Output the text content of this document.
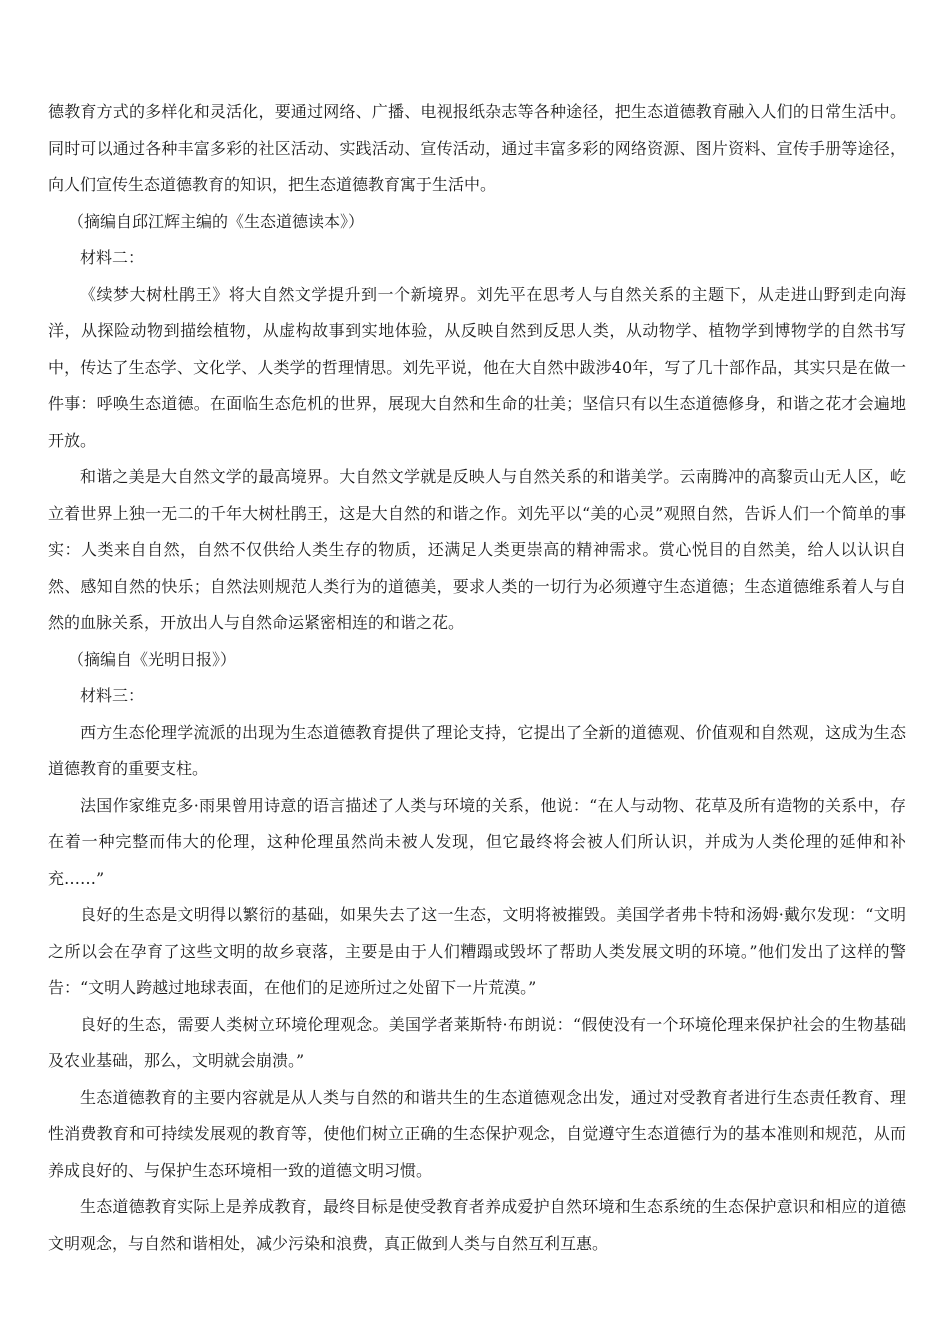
德教育方式的多样化和灵活化，要通过网络、广播、电视报纸杂志等各种途径，把生态道德教育融入人们的日常生活中。同时可以通过各种丰富多彩的社区活动、实践活动、宣传活动，通过丰富多彩的网络资源、图片资料、宣传手册等途径，向人们宣传生态道德教育的知识，把生态道德教育寓于生活中。

（摘编自邱江辉主编的《生态道德读本》）

材料二：

《续梦大树杜鹃王》将大自然文学提升到一个新境界。刘先平在思考人与自然关系的主题下，从走进山野到走向海洋，从探险动物到描绘植物，从虚构故事到实地体验，从反映自然到反思人类，从动物学、植物学到博物学的自然书写中，传达了生态学、文化学、人类学的哲理情思。刘先平说，他在大自然中跋涉40年，写了几十部作品，其实只是在做一件事：呼唤生态道德。在面临生态危机的世界，展现大自然和生命的壮美；坚信只有以生态道德修身，和谐之花才会遍地开放。

和谐之美是大自然文学的最高境界。大自然文学就是反映人与自然关系的和谐美学。云南腾冲的高黎贡山无人区，屹立着世界上独一无二的千年大树杜鹃王，这是大自然的和谐之作。刘先平以“美的心灵”观照自然，告诉人们一个简单的事实：人类来自自然，自然不仅供给人类生存的物质，还满足人类更崇高的精神需求。赏心悦目的自然美，给人以认识自然、感知自然的快乐；自然法则规范人类行为的道德美，要求人类的一切行为必须遵守生态道德；生态道德维系着人与自然的血脉关系，开放出人与自然命运紧密相连的和谐之花。

（摘编自《光明日报》）

材料三：

西方生态伦理学流派的出现为生态道德教育提供了理论支持，它提出了全新的道德观、价值观和自然观，这成为生态道德教育的重要支柱。

法国作家维克多·雨果曾用诗意的语言描述了人类与环境的关系，他说：“在人与动物、花草及所有造物的关系中，存在着一种完整而伟大的伦理，这种伦理虽然尚未被人发现，但它最终将会被人们所认识，并成为人类伦理的延伸和补充……”

良好的生态是文明得以繁衍的基础，如果失去了这一生态，文明将被摧毁。美国学者弗卡特和汤姆·戴尔发现：“文明之所以会在孕育了这些文明的故乡衰落，主要是由于人们糟蹋或毁坏了帮助人类发展文明的环境。”他们发出了这样的警告：“文明人跨越过地球表面，在他们的足迹所过之处留下一片荒漠。”

良好的生态，需要人类树立环境伦理观念。美国学者莱斯特·布朗说：“假使没有一个环境伦理来保护社会的生物基础及农业基础，那么，文明就会崩溃。”

生态道德教育的主要内容就是从人类与自然的和谐共生的生态道德观念出发，通过对受教育者进行生态责任教育、理性消费教育和可持续发展观的教育等，使他们树立正确的生态保护观念，自觉遵守生态道德行为的基本准则和规范，从而养成良好的、与保护生态环境相一致的道德文明习惯。

生态道德教育实际上是养成教育，最终目标是使受教育者养成爱护自然环境和生态系统的生态保护意识和相应的道德文明观念，与自然和谐相处，减少污染和浪费，真正做到人类与自然互利互惠。
